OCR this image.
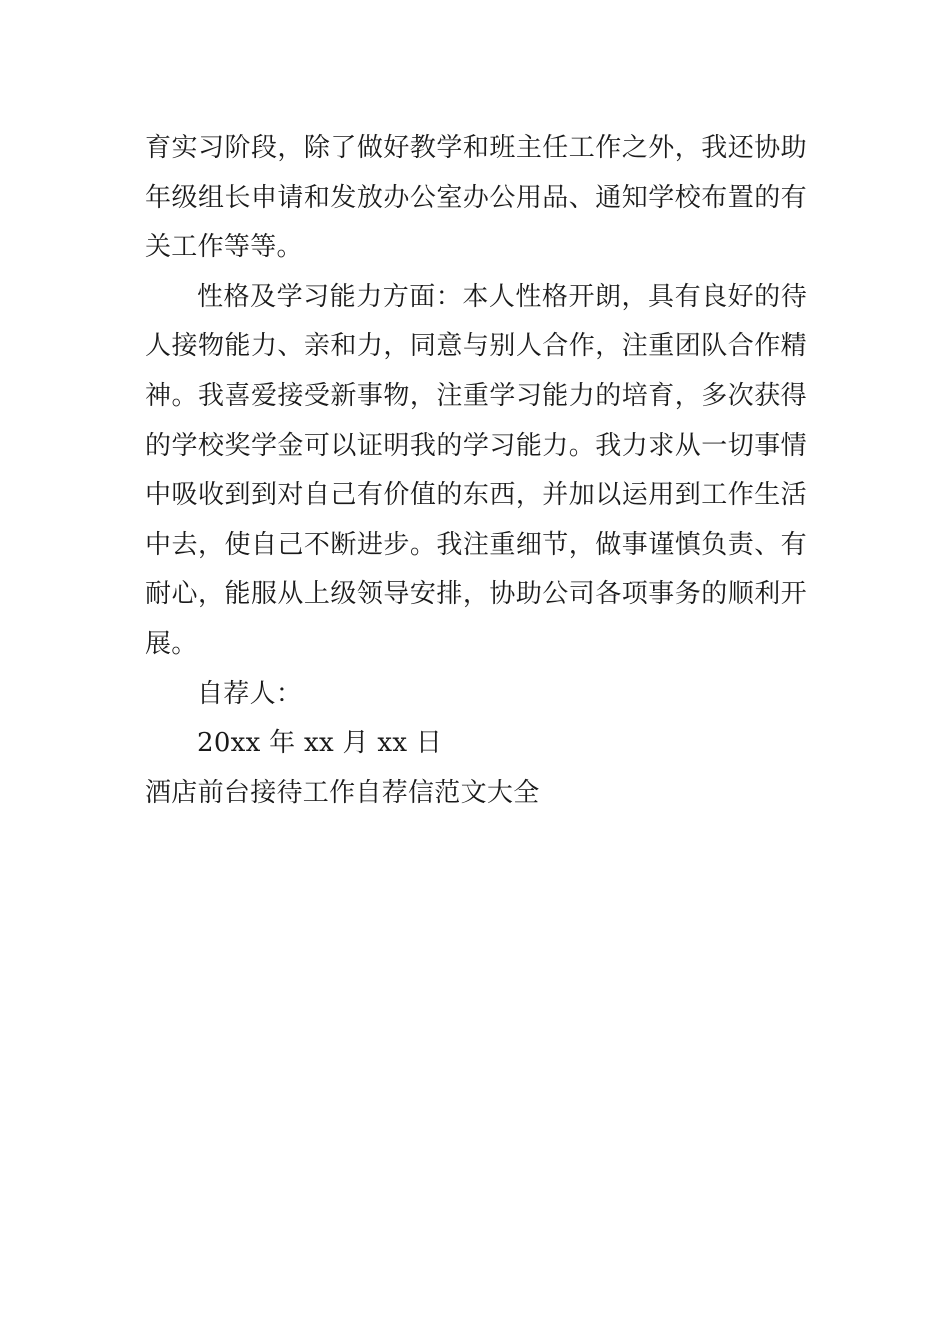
育实习阶段，除了做好教学和班主任工作之外，我还协助年级组长申请和发放办公室办公用品、通知学校布置的有关工作等等。

性格及学习能力方面：本人性格开朗，具有良好的待人接物能力、亲和力，同意与别人合作，注重团队合作精神。我喜爱接受新事物，注重学习能力的培育，多次获得的学校奖学金可以证明我的学习能力。我力求从一切事情中吸收到到对自己有价值的东西，并加以运用到工作生活中去，使自己不断进步。我注重细节，做事谨慎负责、有耐心，能服从上级领导安排，协助公司各项事务的顺利开展。

自荐人：

20xx 年 xx 月 xx 日

酒店前台接待工作自荐信范文大全
